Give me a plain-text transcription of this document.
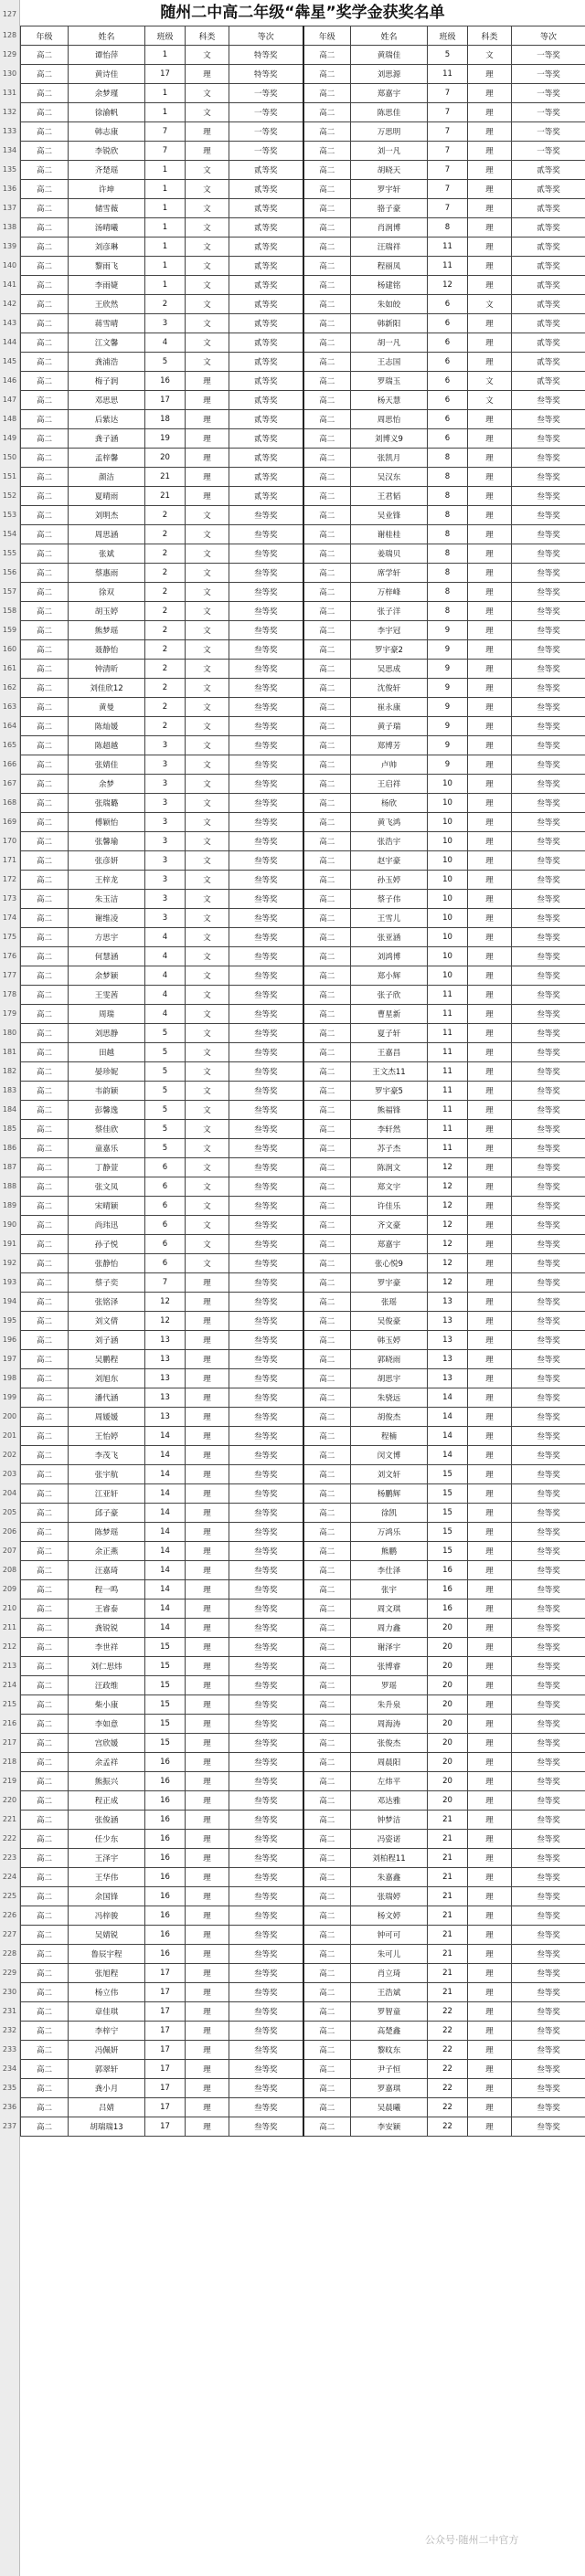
127
128
129
130
131
132
133
134
135
136
137
138
139
140
141
142
143
144
145
146
147
148
149
150
151
152
153
154
155
156
157
158
159
160
161
162
163
164
165
166
167
168
169
170
171
172
173
174
175
176
177
178
179
180
181
182
183
184
185
186
187
188
189
190
191
192
193
194
195
196
197
198
199
200
201
202
203
204
205
206
207
208
209
210
211
212
213
214
215
216
217
218
219
220
221
222
223
224
225
226
227
228
229
230
231
232
233
234
235
236
237
随州二中高二年级“犇星”奖学金获奖名单
年级	姓名	班级	科类	等次	年级	姓名	班级	科类	等次
高二	谭怡萍	1	文	特等奖	高二	黄瑞佳	5	文	一等奖
高二	黄诗佳	17	理	特等奖	高二	刘思源	11	理	一等奖
高二	余梦瑾	1	文	一等奖	高二	郑嘉宇	7	理	一等奖
高二	徐渝帆	1	文	一等奖	高二	陈思佳	7	理	一等奖
高二	韩志康	7	理	一等奖	高二	万思明	7	理	一等奖
高二	李锐欣	7	理	一等奖	高二	刘一凡	7	理	一等奖
高二	齐楚瑶	1	文	贰等奖	高二	胡晓天	7	理	贰等奖
高二	许坤	1	文	贰等奖	高二	罗宇轩	7	理	贰等奖
高二	储雪薇	1	文	贰等奖	高二	骆子豪	7	理	贰等奖
高二	汤晴曦	1	文	贰等奖	高二	肖润博	8	理	贰等奖
高二	刘彦琳	1	文	贰等奖	高二	汪瑞祥	11	理	贰等奖
高二	黎雨飞	1	文	贰等奖	高二	程丽凤	11	理	贰等奖
高二	李雨婕	1	文	贰等奖	高二	杨建铭	12	理	贰等奖
高二	王欣然	2	文	贰等奖	高二	朱如皎	6	文	贰等奖
高二	蒋雪晴	3	文	贰等奖	高二	韩新阳	6	理	贰等奖
高二	江文馨	4	文	贰等奖	高二	胡一凡	6	理	贰等奖
高二	龚浦浩	5	文	贰等奖	高二	王志国	6	理	贰等奖
高二	梅子润	16	理	贰等奖	高二	罗瑞玉	6	文	贰等奖
高二	邓思思	17	理	贰等奖	高二	杨天慧	6	文	叁等奖
高二	后紫达	18	理	贰等奖	高二	周思怡	6	理	叁等奖
高二	龚子涵	19	理	贰等奖	高二	刘博义9	6	理	叁等奖
高二	孟梓馨	20	理	贰等奖	高二	张凯月	8	理	叁等奖
高二	颜洁	21	理	贰等奖	高二	吴汉东	8	理	叁等奖
高二	夏晴雨	21	理	贰等奖	高二	王君韬	8	理	叁等奖
高二	刘明杰	2	文	叁等奖	高二	吴业锋	8	理	叁等奖
高二	周思涵	2	文	叁等奖	高二	谢桂桂	8	理	叁等奖
高二	张斌	2	文	叁等奖	高二	姜瑞贝	8	理	叁等奖
高二	蔡惠雨	2	文	叁等奖	高二	席学轩	8	理	叁等奖
高二	徐双	2	文	叁等奖	高二	万梓峰	8	理	叁等奖
高二	胡玉婷	2	文	叁等奖	高二	张子洋	8	理	叁等奖
高二	熊梦瑶	2	文	叁等奖	高二	李宇冠	9	理	叁等奖
高二	聂静怡	2	文	叁等奖	高二	罗宇豪2	9	理	叁等奖
高二	钟清昕	2	文	叁等奖	高二	吴思成	9	理	叁等奖
高二	刘佳欣12	2	文	叁等奖	高二	沈俊轩	9	理	叁等奖
高二	黄曼	2	文	叁等奖	高二	崔永康	9	理	叁等奖
高二	陈灿媛	2	文	叁等奖	高二	黄子瑞	9	理	叁等奖
高二	陈超越	3	文	叁等奖	高二	郑博芳	9	理	叁等奖
高二	张婧佳	3	文	叁等奖	高二	卢帅	9	理	叁等奖
高二	余梦	3	文	叁等奖	高二	王启祥	10	理	叁等奖
高二	张瑞璐	3	文	叁等奖	高二	杨欣	10	理	叁等奖
高二	傅颖怡	3	文	叁等奖	高二	黄飞鸿	10	理	叁等奖
高二	张馨瑜	3	文	叁等奖	高二	张浩宇	10	理	叁等奖
高二	张彦妍	3	文	叁等奖	高二	赵宇豪	10	理	叁等奖
高二	王梓龙	3	文	叁等奖	高二	孙玉婷	10	理	叁等奖
高二	朱玉洁	3	文	叁等奖	高二	蔡子伟	10	理	叁等奖
高二	谢维凌	3	文	叁等奖	高二	王雪儿	10	理	叁等奖
高二	方思宇	4	文	叁等奖	高二	张亚涵	10	理	叁等奖
高二	何慧涵	4	文	叁等奖	高二	刘鸿博	10	理	叁等奖
高二	余梦颖	4	文	叁等奖	高二	郑小辉	10	理	叁等奖
高二	王雯茜	4	文	叁等奖	高二	张子欣	11	理	叁等奖
高二	周瑞	4	文	叁等奖	高二	曹星新	11	理	叁等奖
高二	刘思静	5	文	叁等奖	高二	夏子轩	11	理	叁等奖
高二	田越	5	文	叁等奖	高二	王嘉昌	11	理	叁等奖
高二	晏珍妮	5	文	叁等奖	高二	王文杰11	11	理	叁等奖
高二	韦韵颖	5	文	叁等奖	高二	罗宇豪5	11	理	叁等奖
高二	彭馨逸	5	文	叁等奖	高二	熊福锋	11	理	叁等奖
高二	蔡佳欣	5	文	叁等奖	高二	李轩然	11	理	叁等奖
高二	童嘉乐	5	文	叁等奖	高二	苏子杰	11	理	叁等奖
高二	丁静萱	6	文	叁等奖	高二	陈润文	12	理	叁等奖
高二	张文凤	6	文	叁等奖	高二	郑文宇	12	理	叁等奖
高二	宋晴颖	6	文	叁等奖	高二	许佳乐	12	理	叁等奖
高二	尚玮迅	6	文	叁等奖	高二	齐文豪	12	理	叁等奖
高二	孙子悦	6	文	叁等奖	高二	郑嘉宇	12	理	叁等奖
高二	张静怡	6	文	叁等奖	高二	张心悦9	12	理	叁等奖
高二	蔡子奕	7	理	叁等奖	高二	罗宇豪	12	理	叁等奖
高二	张铭泽	12	理	叁等奖	高二	张瑶	13	理	叁等奖
高二	刘文倩	12	理	叁等奖	高二	吴俊豪	13	理	叁等奖
高二	刘子涵	13	理	叁等奖	高二	韩玉婷	13	理	叁等奖
高二	吴鹏程	13	理	叁等奖	高二	郭晓雨	13	理	叁等奖
高二	刘旭东	13	理	叁等奖	高二	胡思宇	13	理	叁等奖
高二	潘代涵	13	理	叁等奖	高二	朱骁远	14	理	叁等奖
高二	周媛媛	13	理	叁等奖	高二	胡俊杰	14	理	叁等奖
高二	王怡婷	14	理	叁等奖	高二	程楠	14	理	叁等奖
高二	李茂飞	14	理	叁等奖	高二	闵文博	14	理	叁等奖
高二	张宇航	14	理	叁等奖	高二	刘文轩	15	理	叁等奖
高二	江亚轩	14	理	叁等奖	高二	杨鹏辉	15	理	叁等奖
高二	邱子豪	14	理	叁等奖	高二	徐凯	15	理	叁等奖
高二	陈梦瑶	14	理	叁等奖	高二	万鸿乐	15	理	叁等奖
高二	余正燕	14	理	叁等奖	高二	熊鹏	15	理	叁等奖
高二	汪嘉琦	14	理	叁等奖	高二	李仕泽	16	理	叁等奖
高二	程一鸣	14	理	叁等奖	高二	张宇	16	理	叁等奖
高二	王睿泰	14	理	叁等奖	高二	周文琪	16	理	叁等奖
高二	龚锐锐	14	理	叁等奖	高二	周力鑫	20	理	叁等奖
高二	李世祥	15	理	叁等奖	高二	谢泽宇	20	理	叁等奖
高二	刘仁思炜	15	理	叁等奖	高二	张博睿	20	理	叁等奖
高二	汪政维	15	理	叁等奖	高二	罗瑶	20	理	叁等奖
高二	柴小康	15	理	叁等奖	高二	朱升泉	20	理	叁等奖
高二	李如意	15	理	叁等奖	高二	周海涛	20	理	叁等奖
高二	宫欣媛	15	理	叁等奖	高二	张俊杰	20	理	叁等奖
高二	余孟祥	16	理	叁等奖	高二	周晨阳	20	理	叁等奖
高二	熊振兴	16	理	叁等奖	高二	左炜平	20	理	叁等奖
高二	程正成	16	理	叁等奖	高二	邓达雅	20	理	叁等奖
高二	张俊涵	16	理	叁等奖	高二	钟梦洁	21	理	叁等奖
高二	任少东	16	理	叁等奖	高二	冯姿诺	21	理	叁等奖
高二	王泽宇	16	理	叁等奖	高二	刘柏程11	21	理	叁等奖
高二	王华伟	16	理	叁等奖	高二	朱嘉鑫	21	理	叁等奖
高二	余国锋	16	理	叁等奖	高二	张瑞婷	21	理	叁等奖
高二	冯梓骏	16	理	叁等奖	高二	杨文婷	21	理	叁等奖
高二	吴婧锐	16	理	叁等奖	高二	钟可可	21	理	叁等奖
高二	鲁辰宇程	16	理	叁等奖	高二	朱可儿	21	理	叁等奖
高二	张旭程	17	理	叁等奖	高二	肖立琦	21	理	叁等奖
高二	杨立伟	17	理	叁等奖	高二	王浩斌	21	理	叁等奖
高二	章佳琪	17	理	叁等奖	高二	罗智童	22	理	叁等奖
高二	李梓宁	17	理	叁等奖	高二	高楚鑫	22	理	叁等奖
高二	冯佩妍	17	理	叁等奖	高二	黎旼东	22	理	叁等奖
高二	郭翠轩	17	理	叁等奖	高二	尹子恒	22	理	叁等奖
高二	龚小月	17	理	叁等奖	高二	罗嘉琪	22	理	叁等奖
高二	吕婧	17	理	叁等奖	高二	吴晨曦	22	理	叁等奖
高二	胡瑞瑞13	17	理	叁等奖	高二	李安颖	22	理	叁等奖
公众号·随州二中官方
